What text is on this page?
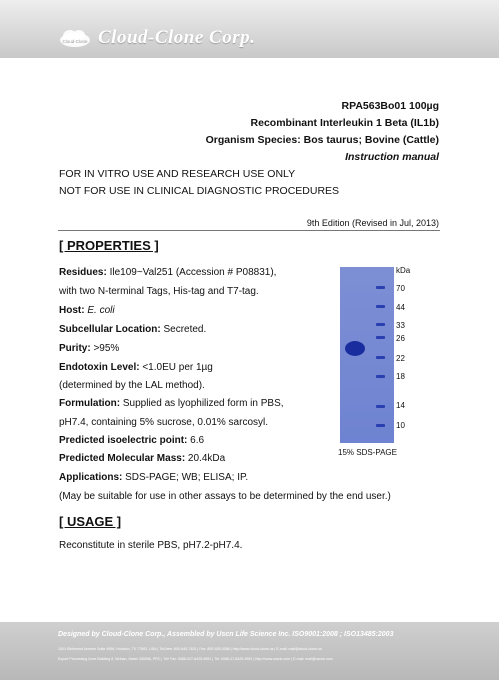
Cloud-Clone Cloud-Clone Corp.
RPA563Bo01 100µg
Recombinant Interleukin 1 Beta (IL1b)
Organism Species: Bos taurus; Bovine (Cattle)
Instruction manual
FOR IN VITRO USE AND RESEARCH USE ONLY
NOT FOR USE IN CLINICAL DIAGNOSTIC PROCEDURES
9th Edition (Revised in Jul, 2013)
[ PROPERTIES ]
Residues: Ile109~Val251 (Accession # P08831),
with two N-terminal Tags, His-tag and T7-tag.
Host: E. coli
Subcellular Location: Secreted.
Purity: >95%
Endotoxin Level: <1.0EU per 1µg
(determined by the LAL method).
Formulation: Supplied as lyophilized form in PBS,
pH7.4, containing 5% sucrose, 0.01% sarcosyl.
Predicted isoelectric point: 6.6
Predicted Molecular Mass: 20.4kDa
Applications: SDS-PAGE; WB; ELISA; IP.
(May be suitable for use in other assays to be determined by the end user.)
kDa
70
44
33
26
22
18
14
10
15% SDS-PAGE
[ USAGE ]
Reconstitute in sterile PBS, pH7.2-pH7.4.
Designed by Cloud-Clone Corp., Assembled by Uscn Life Science Inc. ISO9001:2008 ; ISO13485:2003
1001 Richmond Avenue Suite 4956, Houston, TX 77082, USA | Toll-free: 800-640-7402 | Fax: 800-928-0368 | http://www.cloud-clone.us | E-mail: mail@cloud-clone.us
Export Processing Zone Building 8, Wuhan, Hubei 430056, PRC | Tel/ Fax: 0086-027-8425-9551 | Tel: 0086-27-8425-9551 | http://www.uscnk.com | E-mail: mail@uscnk.com
